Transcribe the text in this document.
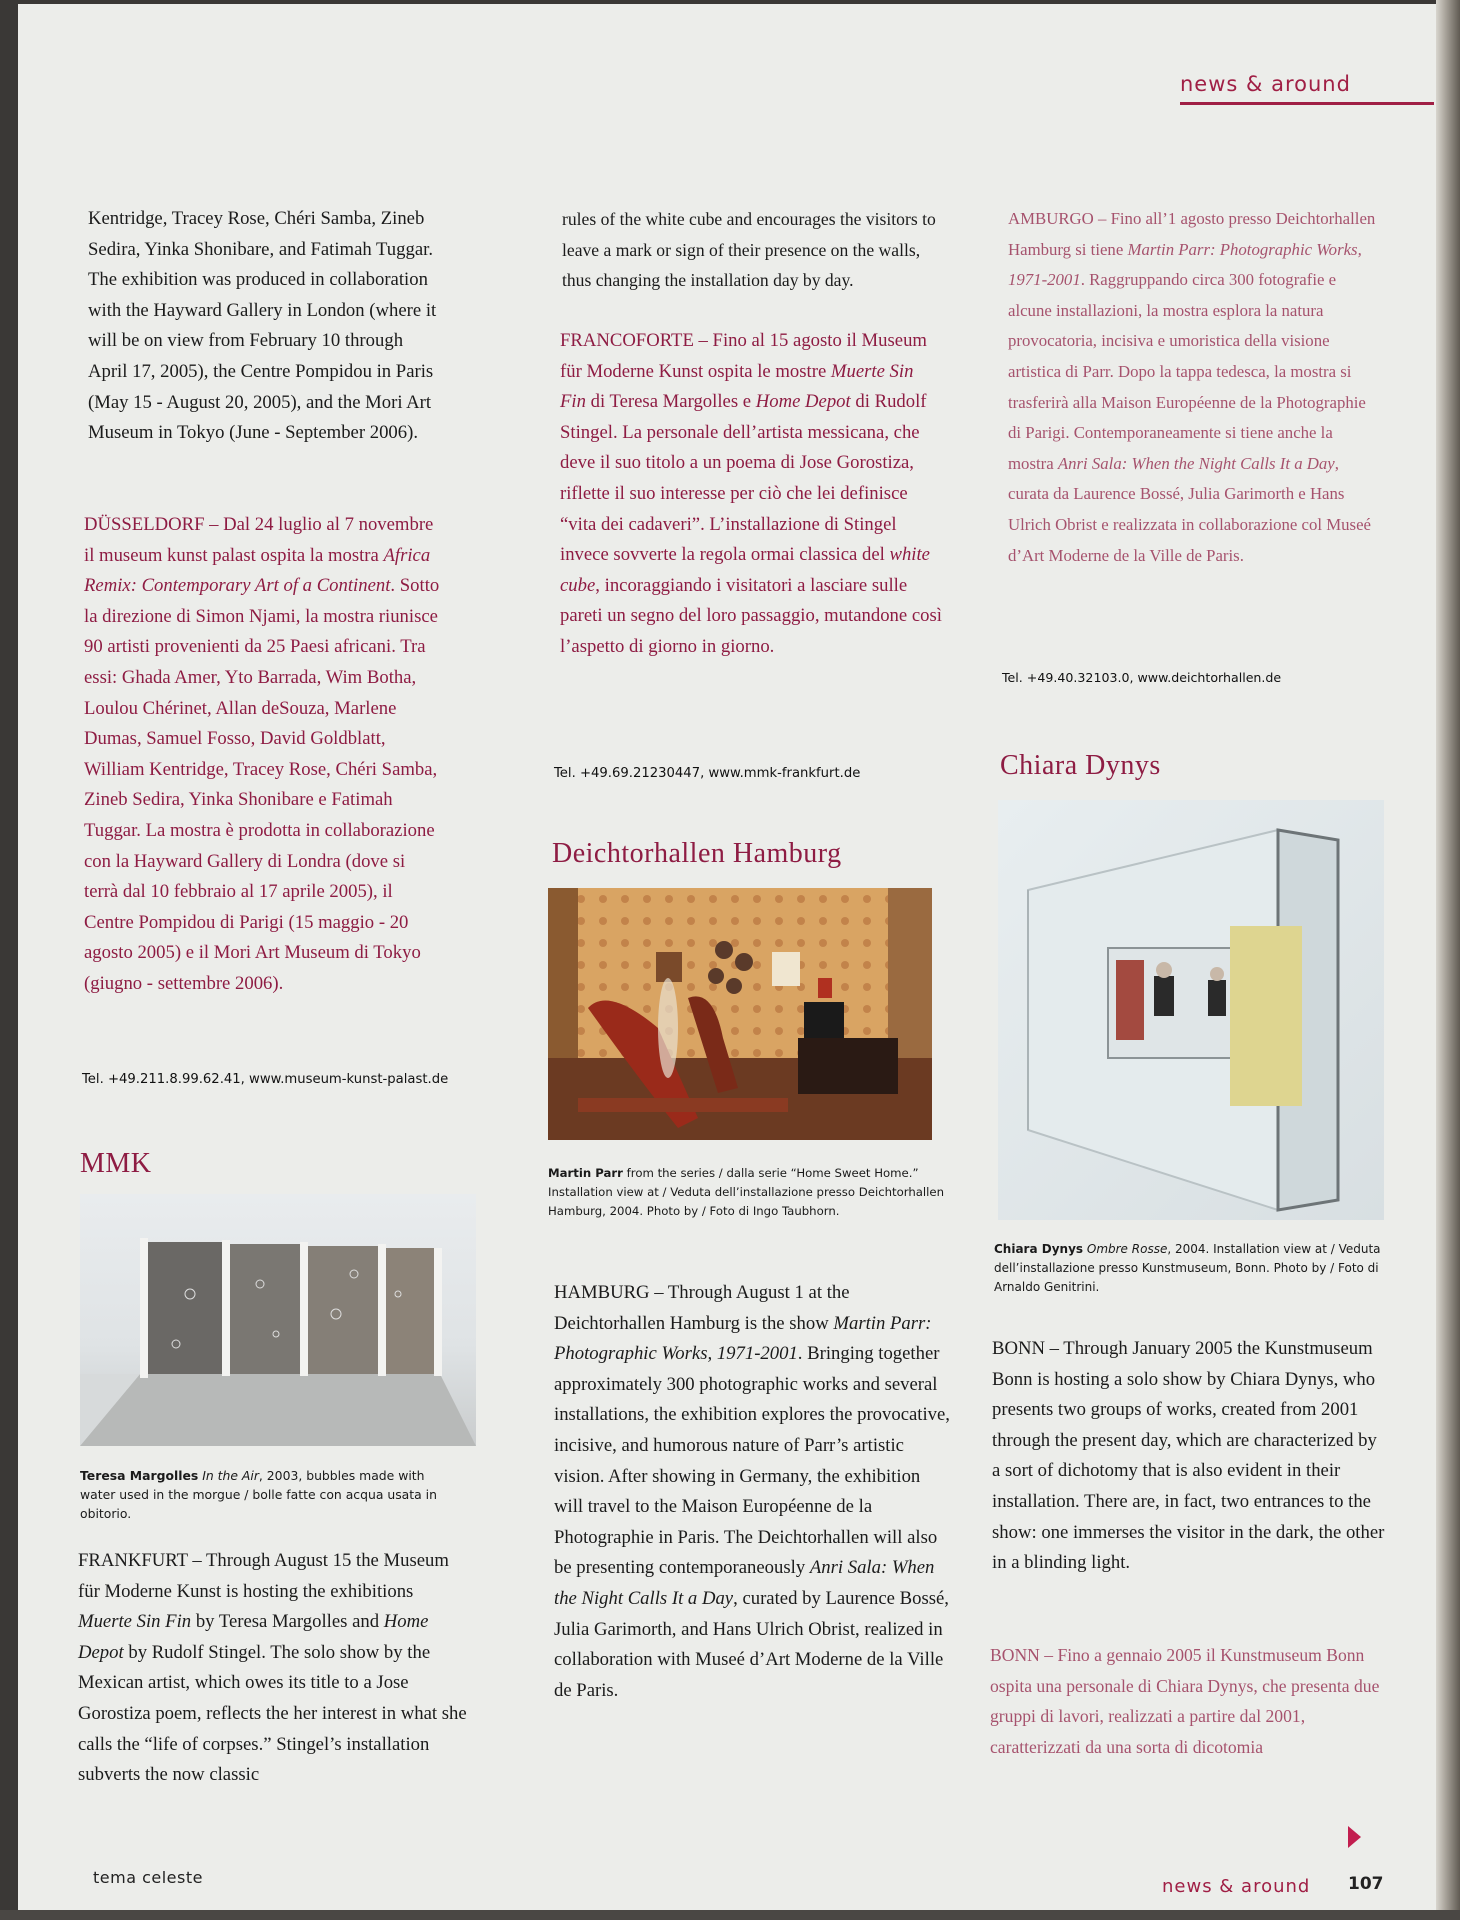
news & around

Kentridge, Tracey Rose, Chéri Samba, Zineb Sedira, Yinka Shonibare, and Fatimah Tuggar. The exhibition was produced in collaboration with the Hayward Gallery in London (where it will be on view from February 10 through April 17, 2005), the Centre Pompidou in Paris (May 15 - August 20, 2005), and the Mori Art Museum in Tokyo (June - September 2006).

DÜSSELDORF – Dal 24 luglio al 7 novembre il museum kunst palast ospita la mostra Africa Remix: Contemporary Art of a Continent. Sotto la direzione di Simon Njami, la mostra riunisce 90 artisti provenienti da 25 Paesi africani. Tra essi: Ghada Amer, Yto Barrada, Wim Botha, Loulou Chérinet, Allan deSouza, Marlene Dumas, Samuel Fosso, David Goldblatt, William Kentridge, Tracey Rose, Chéri Samba, Zineb Sedira, Yinka Shonibare e Fatimah Tuggar. La mostra è prodotta in collaborazione con la Hayward Gallery di Londra (dove si terrà dal 10 febbraio al 17 aprile 2005), il Centre Pompidou di Parigi (15 maggio - 20 agosto 2005) e il Mori Art Museum di Tokyo (giugno - settembre 2006).

Tel. +49.211.8.99.62.41, www.museum-kunst-palast.de
MMK

Teresa Margolles In the Air, 2003, bubbles made with water used in the morgue / bolle fatte con acqua usata in obitorio.

FRANKFURT – Through August 15 the Museum für Moderne Kunst is hosting the exhibitions Muerte Sin Fin by Teresa Margolles and Home Depot by Rudolf Stingel. The solo show by the Mexican artist, which owes its title to a Jose Gorostiza poem, reflects the her interest in what she calls the “life of corpses.” Stingel’s installation subverts the now classic

rules of the white cube and encourages the visitors to leave a mark or sign of their presence on the walls, thus changing the installation day by day.

FRANCOFORTE – Fino al 15 agosto il Museum für Moderne Kunst ospita le mostre Muerte Sin Fin di Teresa Margolles e Home Depot di Rudolf Stingel. La personale dell’artista messicana, che deve il suo titolo a un poema di Jose Gorostiza, riflette il suo interesse per ciò che lei definisce “vita dei cadaveri”. L’installazione di Stingel invece sovverte la regola ormai classica del white cube, incoraggiando i visitatori a lasciare sulle pareti un segno del loro passaggio, mutandone così l’aspetto di giorno in giorno.

Tel. +49.69.21230447, www.mmk-frankfurt.de
Deichtorhallen Hamburg

Martin Parr from the series / dalla serie “Home Sweet Home.” Installation view at / Veduta dell’installazione presso Deichtorhallen Hamburg, 2004. Photo by / Foto di Ingo Taubhorn.

HAMBURG – Through August 1 at the Deichtorhallen Hamburg is the show Martin Parr: Photographic Works, 1971-2001. Bringing together approximately 300 photographic works and several installations, the exhibition explores the provocative, incisive, and humorous nature of Parr’s artistic vision. After showing in Germany, the exhibition will travel to the Maison Européenne de la Photographie in Paris. The Deichtorhallen will also be presenting contemporaneously Anri Sala: When the Night Calls It a Day, curated by Laurence Bossé, Julia Garimorth, and Hans Ulrich Obrist, realized in collaboration with Museé d’Art Moderne de la Ville de Paris.

AMBURGO – Fino all’1 agosto presso Deichtorhallen Hamburg si tiene Martin Parr: Photographic Works, 1971-2001. Raggruppando circa 300 fotografie e alcune installazioni, la mostra esplora la natura provocatoria, incisiva e umoristica della visione artistica di Parr. Dopo la tappa tedesca, la mostra si trasferirà alla Maison Européenne de la Photographie di Parigi. Contemporaneamente si tiene anche la mostra Anri Sala: When the Night Calls It a Day, curata da Laurence Bossé, Julia Garimorth e Hans Ulrich Obrist e realizzata in collaborazione col Museé d’Art Moderne de la Ville de Paris.

Tel. +49.40.32103.0, www.deichtorhallen.de
Chiara Dynys

Chiara Dynys Ombre Rosse, 2004. Installation view at / Veduta dell’installazione presso Kunstmuseum, Bonn. Photo by / Foto di Arnaldo Genitrini.

BONN – Through January 2005 the Kunstmuseum Bonn is hosting a solo show by Chiara Dynys, who presents two groups of works, created from 2001 through the present day, which are characterized by a sort of dichotomy that is also evident in their installation. There are, in fact, two entrances to the show: one immerses the visitor in the dark, the other in a blinding light.

BONN – Fino a gennaio 2005 il Kunstmuseum Bonn ospita una personale di Chiara Dynys, che presenta due gruppi di lavori, realizzati a partire dal 2001, caratterizzati da una sorta di dicotomia

tema celeste	news & around 107
